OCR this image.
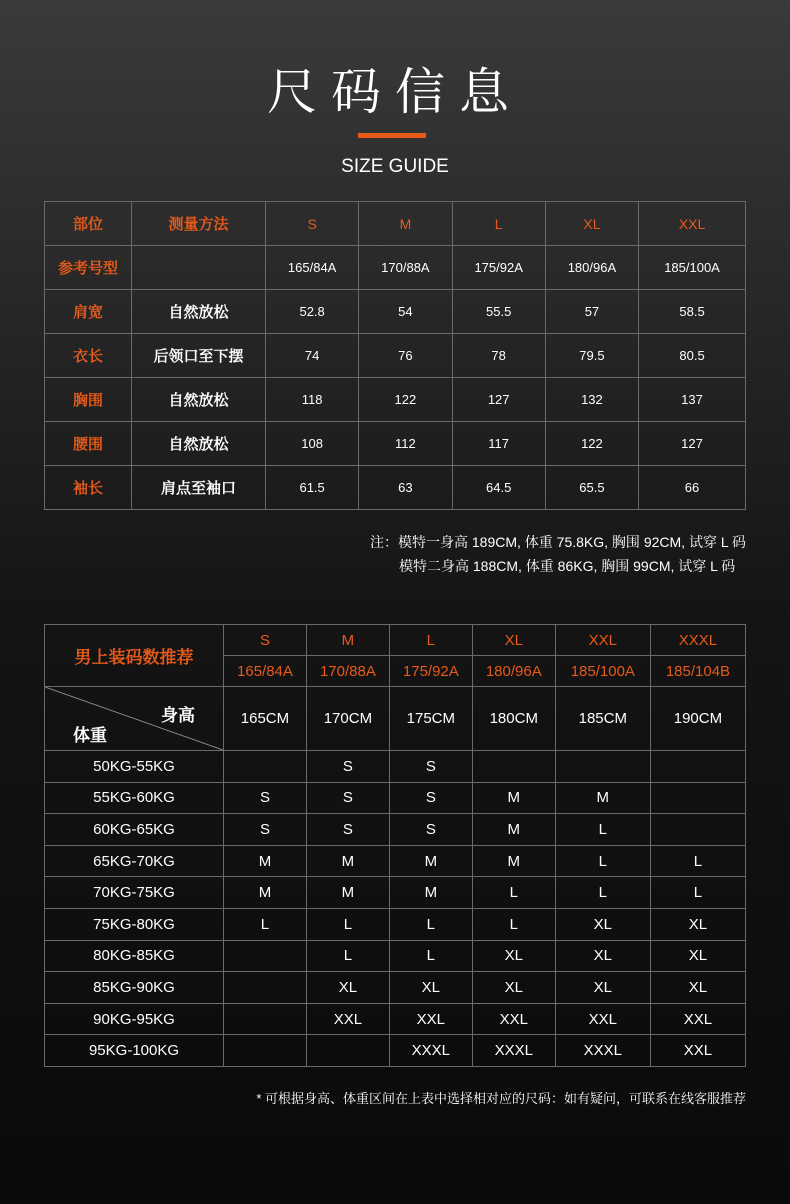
尺码信息
SIZE GUIDE
部位	测量方法	S	M	L	XL	XXL
参考号型		165/84A	170/88A	175/92A	180/96A	185/100A
肩宽	自然放松	52.8	54	55.5	57	58.5
衣长	后领口至下摆	74	76	78	79.5	80.5
胸围	自然放松	118	122	127	132	137
腰围	自然放松	108	112	117	122	127
袖长	肩点至袖口	61.5	63	64.5	65.5	66
注：模特一身高 189CM, 体重 75.8KG, 胸围 92CM, 试穿 L 码
模特二身高 188CM, 体重 86KG, 胸围 99CM, 试穿 L 码
男上装码数推荐	S	M	L	XL	XXL	XXXL
	165/84A	170/88A	175/92A	180/96A	185/100A	185/104B

身高
体重	165CM	170CM	175CM	180CM	185CM	190CM
50KG-55KG		S	S			
55KG-60KG	S	S	S	M	M	
60KG-65KG	S	S	S	M	L	
65KG-70KG	M	M	M	M	L	L
70KG-75KG	M	M	M	L	L	L
75KG-80KG	L	L	L	L	XL	XL
80KG-85KG		L	L	XL	XL	XL
85KG-90KG		XL	XL	XL	XL	XL
90KG-95KG		XXL	XXL	XXL	XXL	XXL
95KG-100KG			XXXL	XXXL	XXXL	XXL
* 可根据身高、体重区间在上表中选择相对应的尺码：如有疑问，可联系在线客服推荐
